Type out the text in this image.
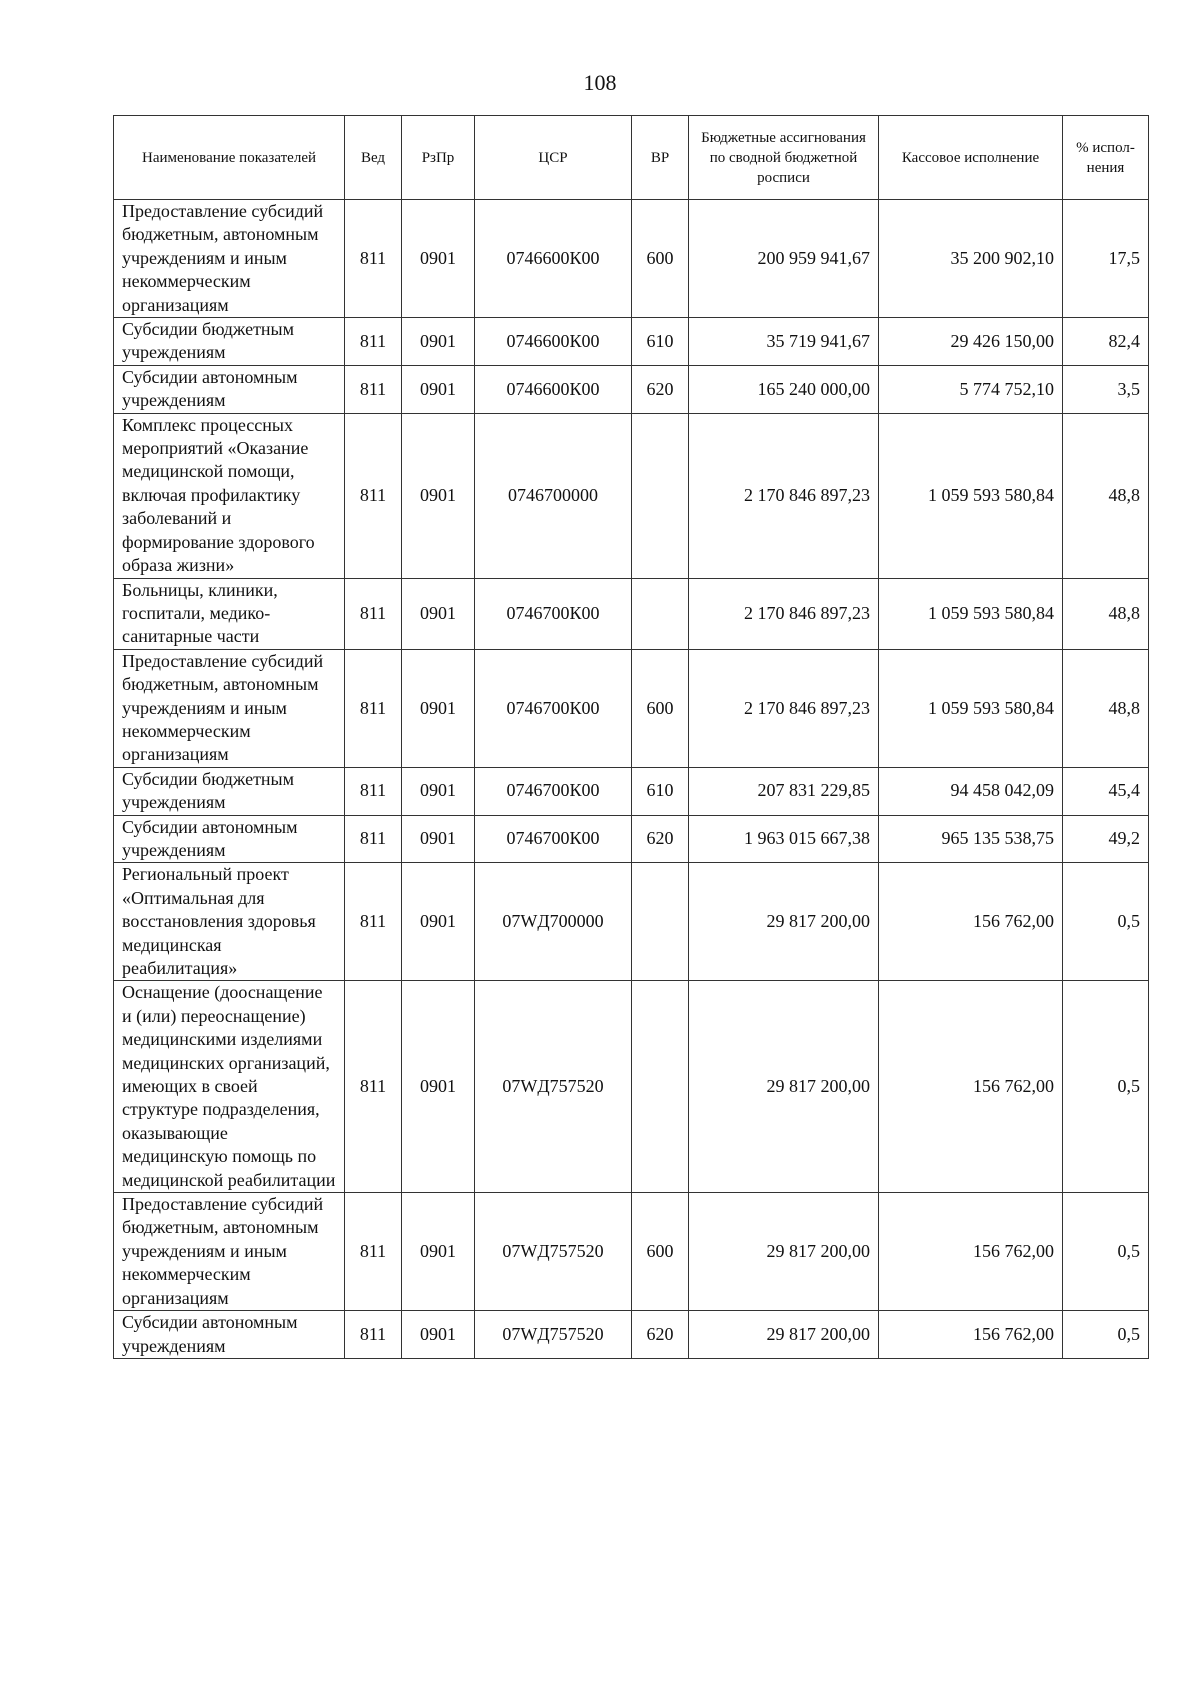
108
Наименование показателей	Вед	РзПр	ЦСР	ВР	Бюджетные ассигнования по сводной бюджетной росписи	Кассовое исполнение	% испол-нения
Предоставление субсидий бюджетным, автономным учреждениям и иным некоммерческим организациям	811	0901	0746600К00	600	200 959 941,67	35 200 902,10	17,5
Субсидии бюджетным учреждениям	811	0901	0746600К00	610	35 719 941,67	29 426 150,00	82,4
Субсидии автономным учреждениям	811	0901	0746600К00	620	165 240 000,00	5 774 752,10	3,5
Комплекс процессных мероприятий «Оказание медицинской помощи, включая профилактику заболеваний и формирование здорового образа жизни»	811	0901	0746700000		2 170 846 897,23	1 059 593 580,84	48,8
Больницы, клиники, госпитали, медико-санитарные части	811	0901	0746700К00		2 170 846 897,23	1 059 593 580,84	48,8
Предоставление субсидий бюджетным, автономным учреждениям и иным некоммерческим организациям	811	0901	0746700К00	600	2 170 846 897,23	1 059 593 580,84	48,8
Субсидии бюджетным учреждениям	811	0901	0746700К00	610	207 831 229,85	94 458 042,09	45,4
Субсидии автономным учреждениям	811	0901	0746700К00	620	1 963 015 667,38	965 135 538,75	49,2
Региональный проект «Оптимальная для восстановления здоровья медицинская реабилитация»	811	0901	07WД700000		29 817 200,00	156 762,00	0,5
Оснащение (дооснащение и (или) переоснащение) медицинскими изделиями медицинских организаций, имеющих в своей структуре подразделения, оказывающие медицинскую помощь по медицинской реабилитации	811	0901	07WД757520		29 817 200,00	156 762,00	0,5
Предоставление субсидий бюджетным, автономным учреждениям и иным некоммерческим организациям	811	0901	07WД757520	600	29 817 200,00	156 762,00	0,5
Субсидии автономным учреждениям	811	0901	07WД757520	620	29 817 200,00	156 762,00	0,5
